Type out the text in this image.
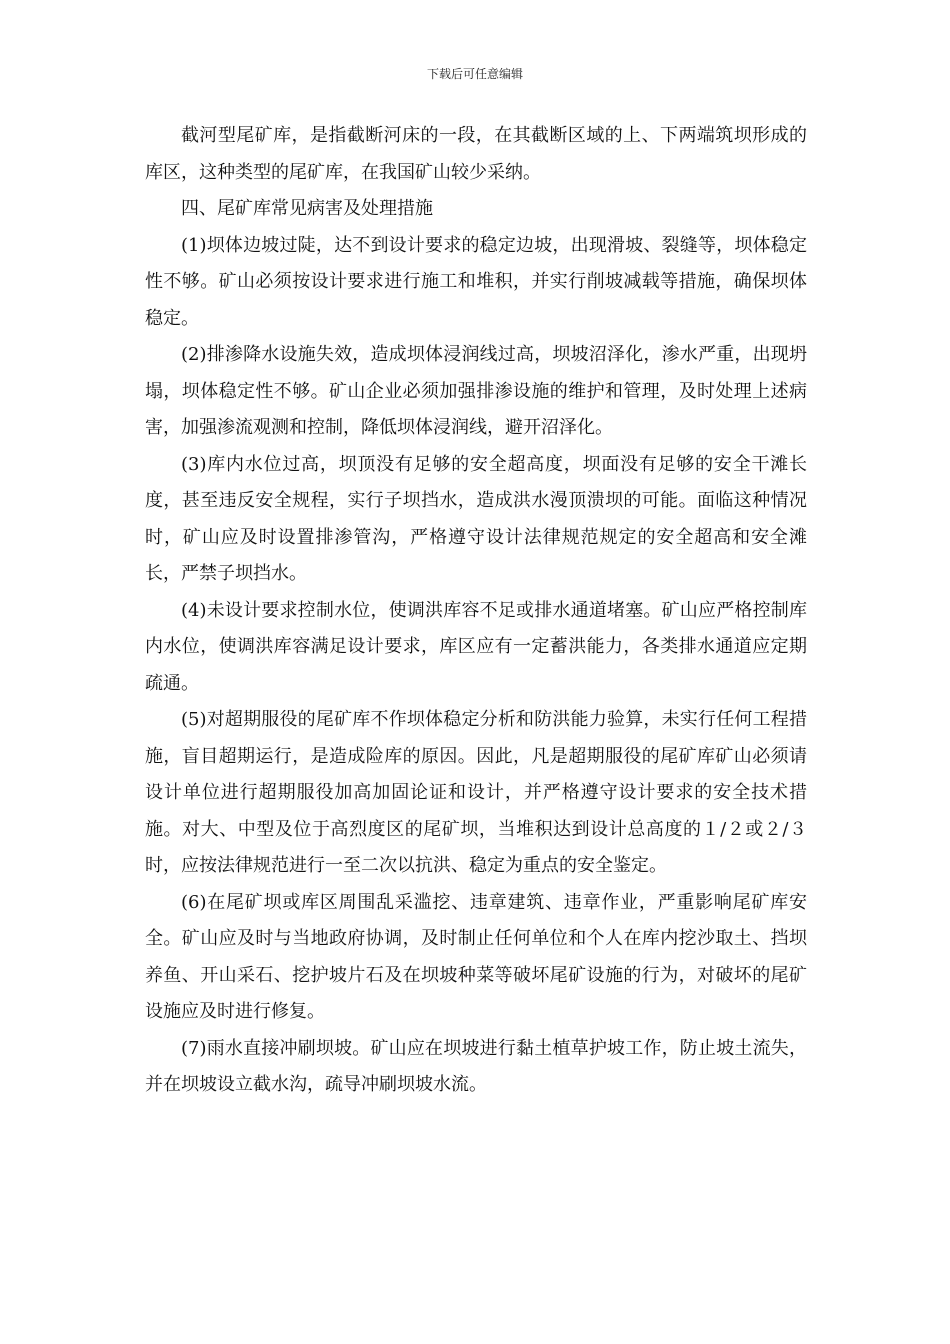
下载后可任意编辑

截河型尾矿库，是指截断河床的一段，在其截断区域的上、下两端筑坝形成的库区，这种类型的尾矿库，在我国矿山较少采纳。

四、尾矿库常见病害及处理措施

(1)坝体边坡过陡，达不到设计要求的稳定边坡，出现滑坡、裂缝等，坝体稳定性不够。矿山必须按设计要求进行施工和堆积，并实行削坡减载等措施，确保坝体稳定。

(2)排渗降水设施失效，造成坝体浸润线过高，坝坡沼泽化，渗水严重，出现坍塌，坝体稳定性不够。矿山企业必须加强排渗设施的维护和管理，及时处理上述病害，加强渗流观测和控制，降低坝体浸润线，避开沼泽化。

(3)库内水位过高，坝顶没有足够的安全超高度，坝面没有足够的安全干滩长度，甚至违反安全规程，实行子坝挡水，造成洪水漫顶溃坝的可能。面临这种情况时，矿山应及时设置排渗管沟，严格遵守设计法律规范规定的安全超高和安全滩长，严禁子坝挡水。

(4)未设计要求控制水位，使调洪库容不足或排水通道堵塞。矿山应严格控制库内水位，使调洪库容满足设计要求，库区应有一定蓄洪能力，各类排水通道应定期疏通。

(5)对超期服役的尾矿库不作坝体稳定分析和防洪能力验算，未实行任何工程措施，盲目超期运行，是造成险库的原因。因此，凡是超期服役的尾矿库矿山必须请设计单位进行超期服役加高加固论证和设计，并严格遵守设计要求的安全技术措施。对大、中型及位于高烈度区的尾矿坝，当堆积达到设计总高度的１/２或２/３时，应按法律规范进行一至二次以抗洪、稳定为重点的安全鉴定。

(6)在尾矿坝或库区周围乱采滥挖、违章建筑、违章作业，严重影响尾矿库安全。矿山应及时与当地政府协调，及时制止任何单位和个人在库内挖沙取土、挡坝养鱼、开山采石、挖护坡片石及在坝坡种菜等破坏尾矿设施的行为，对破坏的尾矿设施应及时进行修复。

(7)雨水直接冲刷坝坡。矿山应在坝坡进行黏土植草护坡工作，防止坡土流失，并在坝坡设立截水沟，疏导冲刷坝坡水流。
